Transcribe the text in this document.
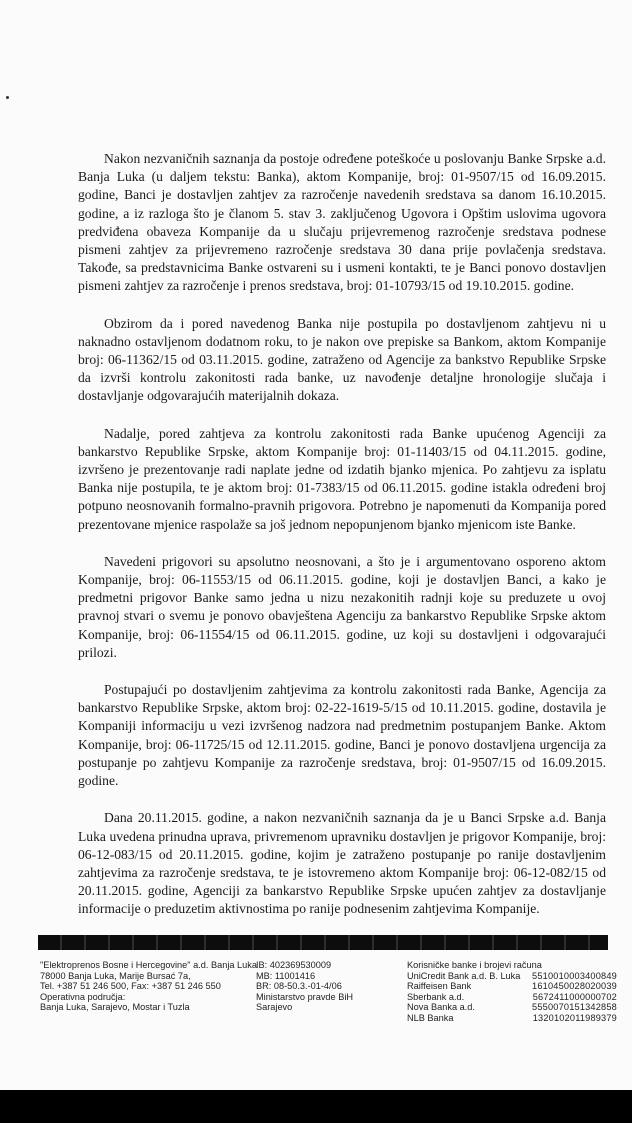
Nakon nezvaničnih saznanja da postoje određene poteškoće u poslovanju Banke Srpske a.d. Banja Luka (u daljem tekstu: Banka), aktom Kompanije, broj: 01-9507/15 od 16.09.2015. godine, Banci je dostavljen zahtjev za razročenje navedenih sredstava sa danom 16.10.2015. godine, a iz razloga što je članom 5. stav 3. zaključenog Ugovora i Opštim uslovima ugovora predviđena obaveza Kompanije da u slučaju prijevremenog razročenje sredstava podnese pismeni zahtjev za prijevremeno razročenje sredstava 30 dana prije povlačenja sredstava. Takođe, sa predstavnicima Banke ostvareni su i usmeni kontakti, te je Banci ponovo dostavljen pismeni zahtjev za razročenje i prenos sredstava, broj: 01-10793/15 od 19.10.2015. godine.

Obzirom da i pored navedenog Banka nije postupila po dostavljenom zahtjevu ni u naknadno ostavljenom dodatnom roku, to je nakon ove prepiske sa Bankom, aktom Kompanije broj: 06-11362/15 od 03.11.2015. godine, zatraženo od Agencije za bankstvo Republike Srpske da izvrši kontrolu zakonitosti rada banke, uz navođenje detaljne hronologije slučaja i dostavljanje odgovarajućih materijalnih dokaza.

Nadalje, pored zahtjeva za kontrolu zakonitosti rada Banke upućenog Agenciji za bankarstvo Republike Srpske, aktom Kompanije broj: 01-11403/15 od 04.11.2015. godine, izvršeno je prezentovanje radi naplate jedne od izdatih bjanko mjenica. Po zahtjevu za isplatu Banka nije postupila, te je aktom broj: 01-7383/15 od 06.11.2015. godine istakla određeni broj potpuno neosnovanih formalno-pravnih prigovora. Potrebno je napomenuti da Kompanija pored prezentovane mjenice raspolaže sa još jednom nepopunjenom bjanko mjenicom iste Banke.

Navedeni prigovori su apsolutno neosnovani, a što je i argumentovano osporeno aktom Kompanije, broj: 06-11553/15 od 06.11.2015. godine, koji je dostavljen Banci, a kako je predmetni prigovor Banke samo jedna u nizu nezakonitih radnji koje su preduzete u ovoj pravnoj stvari o svemu je ponovo obavještena Agenciju za bankarstvo Republike Srpske aktom Kompanije, broj: 06-11554/15 od 06.11.2015. godine, uz koji su dostavljeni i odgovarajući prilozi.

Postupajući po dostavljenim zahtjevima za kontrolu zakonitosti rada Banke, Agencija za bankarstvo Republike Srpske, aktom broj: 02-22-1619-5/15 od 10.11.2015. godine, dostavila je Kompaniji informaciju u vezi izvršenog nadzora nad predmetnim postupanjem Banke. Aktom Kompanije, broj: 06-11725/15 od 12.11.2015. godine, Banci je ponovo dostavljena urgencija za postupanje po zahtjevu Kompanije za razročenje sredstava, broj: 01-9507/15 od 16.09.2015. godine.

Dana 20.11.2015. godine, a nakon nezvaničnih saznanja da je u Banci Srpske a.d. Banja Luka uvedena prinudna uprava, privremenom upravniku dostavljen je prigovor Kompanije, broj: 06-12-083/15 od 20.11.2015. godine, kojim je zatraženo postupanje po ranije dostavljenim zahtjevima za razročenje sredstava, te je istovremeno aktom Kompanije broj: 06-12-082/15 od 20.11.2015. godine, Agenciji za bankarstvo Republike Srpske upućen zahtjev za dostavljanje informacije o preduzetim aktivnostima po ranije podnesenim zahtjevima Kompanije.

"Elektroprenos Bosne i Hercegovine" a.d. Banja Luka
78000 Banja Luka, Marije Bursać 7a,
Tel. +387 51 246 500, Fax: +387 51 246 550
Operativna područja:
Banja Luka, Sarajevo, Mostar i Tuzla
IB: 402369530009
MB: 11001416
BR: 08-50.3.-01-4/06
Ministarstvo pravde BiH
Sarajevo
Korisničke banke i brojevi računa
UniCredit Bank a.d. B. Luka 5510010003400849
Raiffeisen Bank	1610450028020039
Sberbank a.d.	5672411000000702
Nova Banka a.d.	5550070151342858
NLB Banka	1320102011989379
